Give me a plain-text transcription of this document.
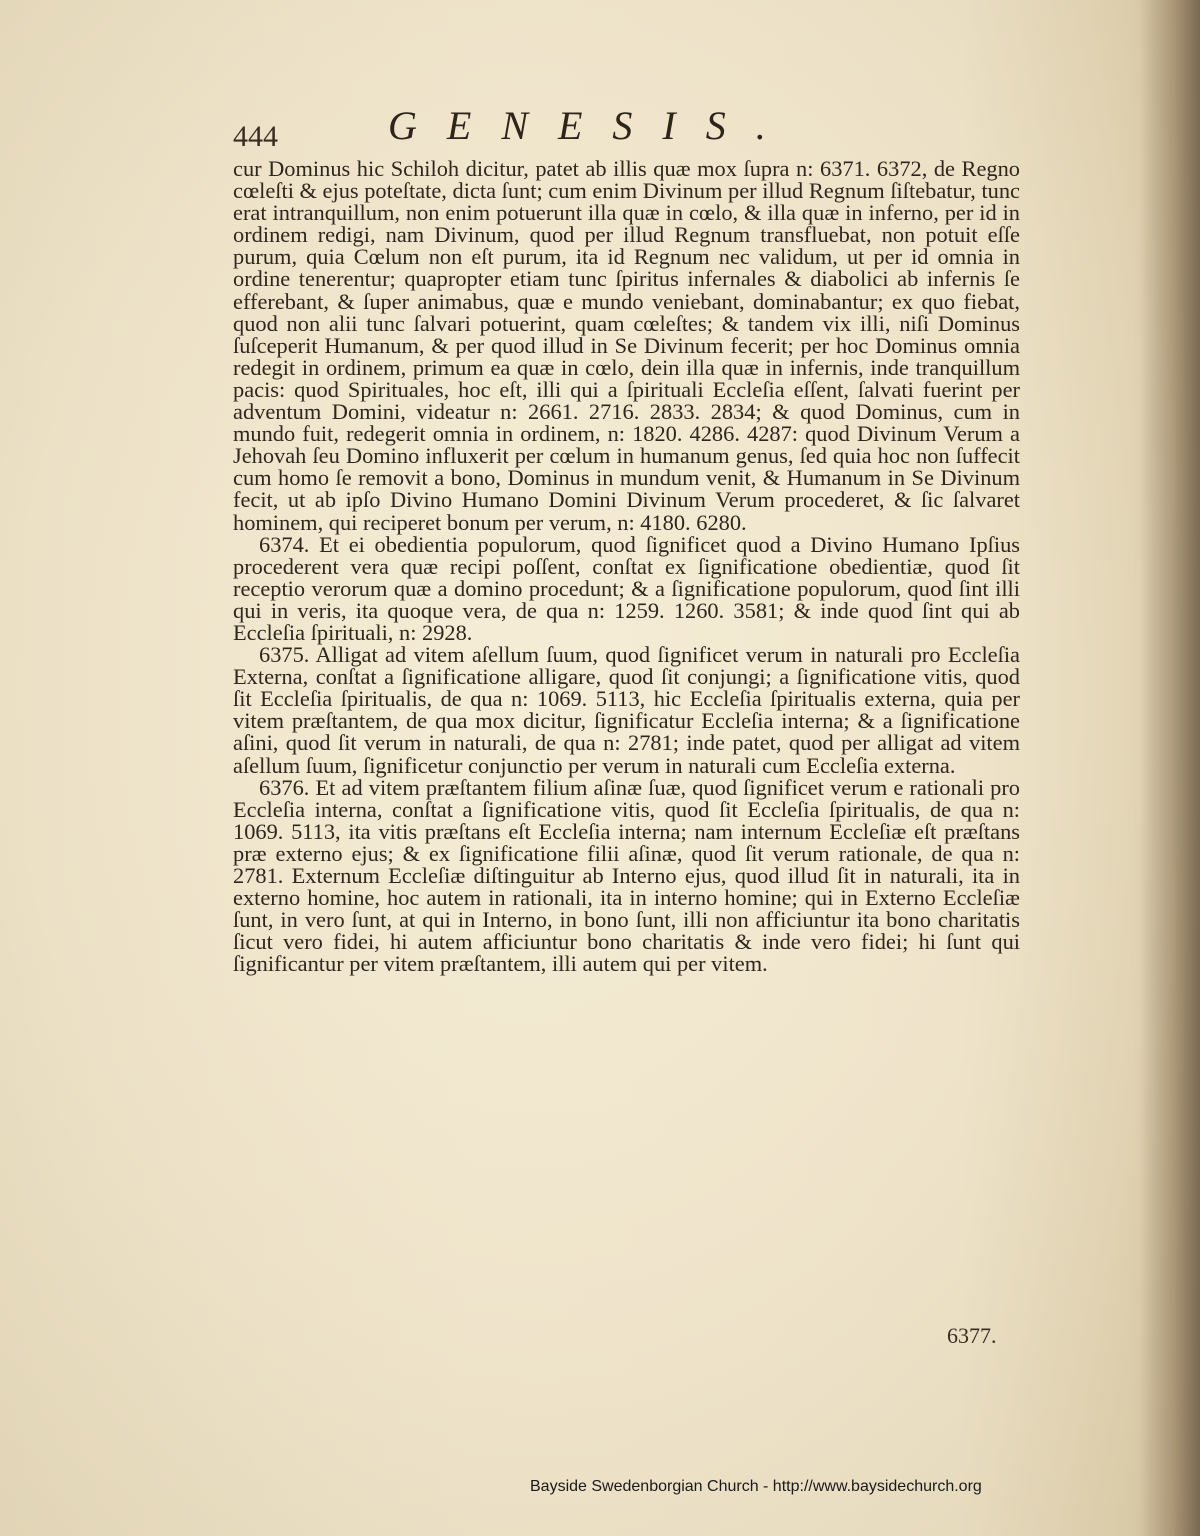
444	GENESIS.

cur Dominus hic Schiloh dicitur, patet ab illis quæ mox ſupra n: 6371. 6372, de Regno cœleſti & ejus poteſtate, dicta ſunt; cum enim Divinum per illud Regnum ſiſtebatur, tunc erat intranquillum, non enim potuerunt illa quæ in cœlo, & illa quæ in inferno, per id in ordinem redigi, nam Divinum, quod per illud Regnum transfluebat, non potuit eſſe purum, quia Cœlum non eſt purum, ita id Regnum nec validum, ut per id omnia in ordine tenerentur; quapropter etiam tunc ſpiritus infernales & diabolici ab infernis ſe efferebant, & ſuper animabus, quæ e mundo veniebant, dominabantur; ex quo fiebat, quod non alii tunc ſalvari potuerint, quam cœleſtes; & tandem vix illi, niſi Dominus ſuſceperit Humanum, & per quod illud in Se Divinum fecerit; per hoc Dominus omnia redegit in ordinem, primum ea quæ in cœlo, dein illa quæ in infernis, inde tranquillum pacis: quod Spirituales, hoc eſt, illi qui a ſpirituali Eccleſia eſſent, ſalvati fuerint per adventum Domini, videatur n: 2661. 2716. 2833. 2834; & quod Dominus, cum in mundo fuit, redegerit omnia in ordinem, n: 1820. 4286. 4287: quod Divinum Verum a Jehovah ſeu Domino influxerit per cœlum in humanum genus, ſed quia hoc non ſuffecit cum homo ſe removit a bono, Dominus in mundum venit, & Humanum in Se Divinum fecit, ut ab ipſo Divino Humano Domini Divinum Verum procederet, & ſic ſalvaret hominem, qui reciperet bonum per verum, n: 4180. 6280.

6374. Et ei obedientia populorum, quod ſignificet quod a Divino Humano Ipſius procederent vera quæ recipi poſſent, conſtat ex ſignificatione obedientiæ, quod ſit receptio verorum quæ a domino procedunt; & a ſignificatione populorum, quod ſint illi qui in veris, ita quoque vera, de qua n: 1259. 1260. 3581; & inde quod ſint qui ab Eccleſia ſpirituali, n: 2928.

6375. Alligat ad vitem aſellum ſuum, quod ſignificet verum in naturali pro Eccleſia Externa, conſtat a ſignificatione alligare, quod ſit conjungi; a ſignificatione vitis, quod ſit Eccleſia ſpiritualis, de qua n: 1069. 5113, hic Eccleſia ſpiritualis externa, quia per vitem præſtantem, de qua mox dicitur, ſignificatur Eccleſia interna; & a ſignificatione aſini, quod ſit verum in naturali, de qua n: 2781; inde patet, quod per alligat ad vitem aſellum ſuum, ſignificetur conjunctio per verum in naturali cum Eccleſia externa.

6376. Et ad vitem præſtantem filium aſinæ ſuæ, quod ſignificet verum e rationali pro Eccleſia interna, conſtat a ſignificatione vitis, quod ſit Eccleſia ſpiritualis, de qua n: 1069. 5113, ita vitis præſtans eſt Eccleſia interna; nam internum Eccleſiæ eſt præſtans præ externo ejus; & ex ſignificatione filii aſinæ, quod ſit verum rationale, de qua n: 2781. Externum Eccleſiæ diſtinguitur ab Interno ejus, quod illud ſit in naturali, ita in externo homine, hoc autem in rationali, ita in interno homine; qui in Externo Eccleſiæ ſunt, in vero ſunt, at qui in Interno, in bono ſunt, illi non afficiuntur ita bono charitatis ſicut vero fidei, hi autem afficiuntur bono charitatis & inde vero fidei; hi ſunt qui ſignificantur per vitem præſtantem, illi autem qui per vitem.

6377.
Bayside Swedenborgian Church - http://www.baysidechurch.org
